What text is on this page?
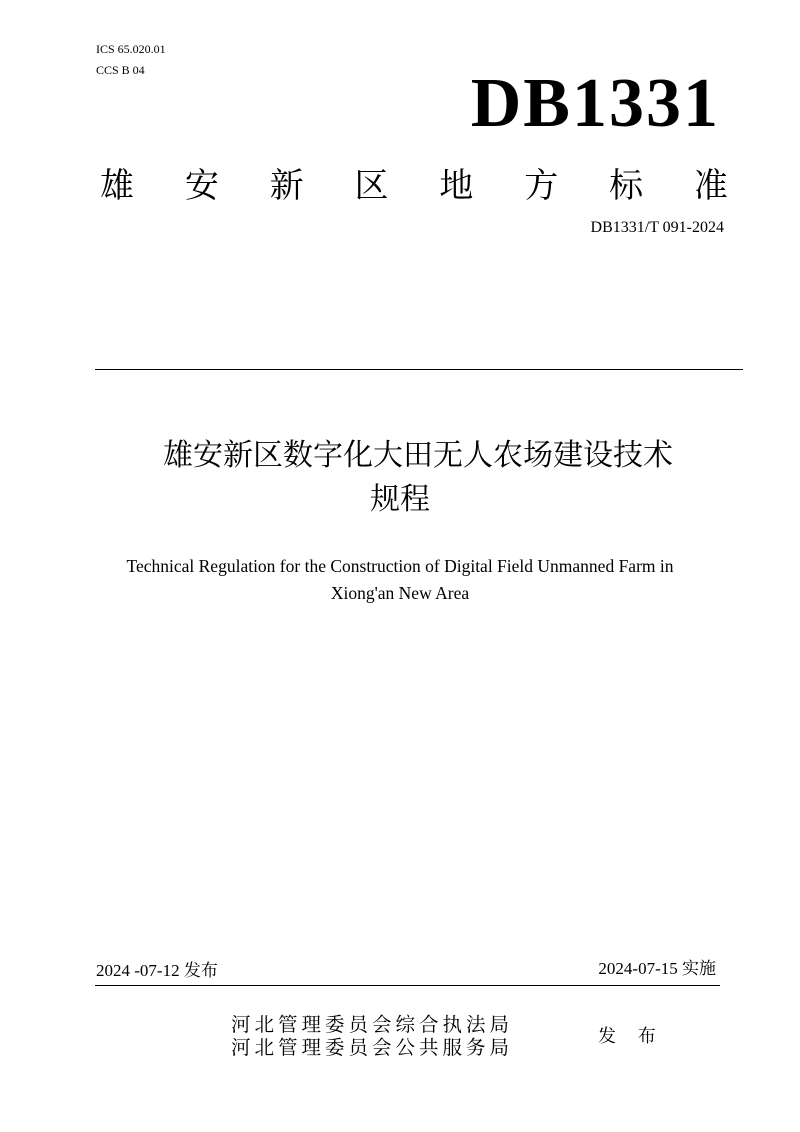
ICS 65.020.01
CCS B 04	DB1331
雄 安 新 区 地 方 标 准
DB1331/T 091-2024
雄安新区数字化大田无人农场建设技术
规程
Technical Regulation for the Construction of Digital Field Unmanned Farm in
Xiong'an New Area
2024 -07-12 发布	2024-07-15 实施
河北管理委员会综合执法局
河北管理委员会公共服务局	发 布
